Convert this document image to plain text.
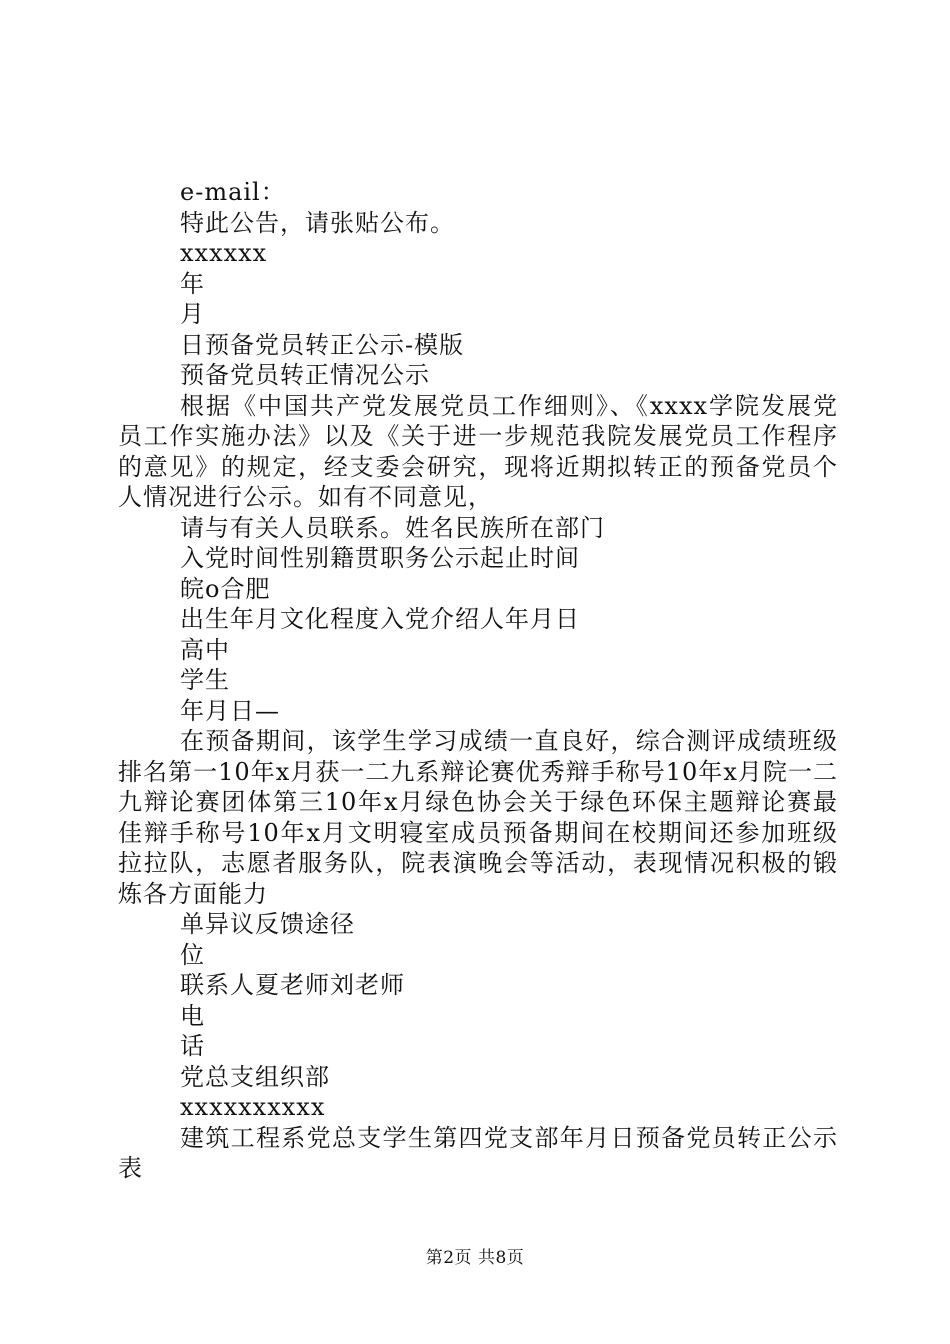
e-mail：
特此公告，请张贴公布。
xxxxxx
年
月
日预备党员转正公示-模版
预备党员转正情况公示

根据《中国共产党发展党员工作细则》、《xxxx学院发展党员工作实施办法》以及《关于进一步规范我院发展党员工作程序的意见》的规定，经支委会研究，现将近期拟转正的预备党员个人情况进行公示。如有不同意见，

请与有关人员联系。姓名民族所在部门
入党时间性别籍贯职务公示起止时间
皖o合肥
出生年月文化程度入党介绍人年月日
高中
学生
年月日—

在预备期间，该学生学习成绩一直良好，综合测评成绩班级排名第一10年x月获一二九系辩论赛优秀辩手称号10年x月院一二九辩论赛团体第三10年x月绿色协会关于绿色环保主题辩论赛最佳辩手称号10年x月文明寝室成员预备期间在校期间还参加班级拉拉队，志愿者服务队，院表演晚会等活动，表现情况积极的锻炼各方面能力

单异议反馈途径
位
联系人夏老师刘老师
电
话
党总支组织部
xxxxxxxxxx

建筑工程系党总支学生第四党支部年月日预备党员转正公示表

第2页 共8页
